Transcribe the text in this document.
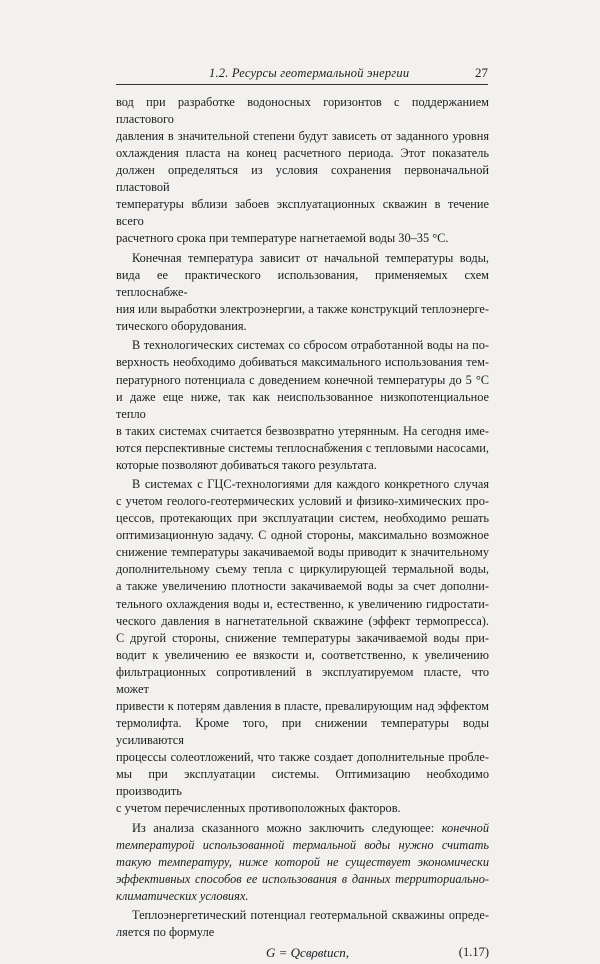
1.2. Ресурсы геотермальной энергии	27

вод при разработке водоносных горизонтов с поддержанием пластового
давления в значительной степени будут зависеть от заданного уровня
охлаждения пласта на конец расчетного периода. Этот показатель
должен определяться из условия сохранения первоначальной пластовой
температуры вблизи забоев эксплуатационных скважин в течение всего
расчетного срока при температуре нагнетаемой воды 30–35 °C.

Конечная температура зависит от начальной температуры воды,
вида ее практического использования, применяемых схем теплоснабже-
ния или выработки электроэнергии, а также конструкций теплоэнерге-
тического оборудования.

В технологических системах со сбросом отработанной воды на по-
верхность необходимо добиваться максимального использования тем-
пературного потенциала с доведением конечной температуры до 5 °C
и даже еще ниже, так как неиспользованное низкопотенциальное тепло
в таких системах считается безвозвратно утерянным. На сегодня име-
ются перспективные системы теплоснабжения с тепловыми насосами,
которые позволяют добиваться такого результата.

В системах с ГЦС-технологиями для каждого конкретного случая
с учетом геолого-геотермических условий и физико-химических про-
цессов, протекающих при эксплуатации систем, необходимо решать
оптимизационную задачу. С одной стороны, максимально возможное
снижение температуры закачиваемой воды приводит к значительному
дополнительному съему тепла с циркулирующей термальной воды,
а также увеличению плотности закачиваемой воды за счет дополни-
тельного охлаждения воды и, естественно, к увеличению гидростати-
ческого давления в нагнетательной скважине (эффект термопресса).
С другой стороны, снижение температуры закачиваемой воды при-
водит к увеличению ее вязкости и, соответственно, к увеличению
фильтрационных сопротивлений в эксплуатируемом пласте, что может
привести к потерям давления в пласте, превалирующим над эффектом
термолифта. Кроме того, при снижении температуры воды усиливаются
процессы солеотложений, что также создает дополнительные пробле-
мы при эксплуатации системы. Оптимизацию необходимо производить
с учетом перечисленных противоположных факторов.

Из анализа сказанного можно заключить следующее: конечной
температурой использованной термальной воды нужно считать
такую температуру, ниже которой не существует экономически
эффективных способов ее использования в данных территориально-
климатических условиях.

Теплоэнергетический потенциал геотермальной скважины опреде-
ляется по формуле

G = Qcвρвtисп,	(1.17)
